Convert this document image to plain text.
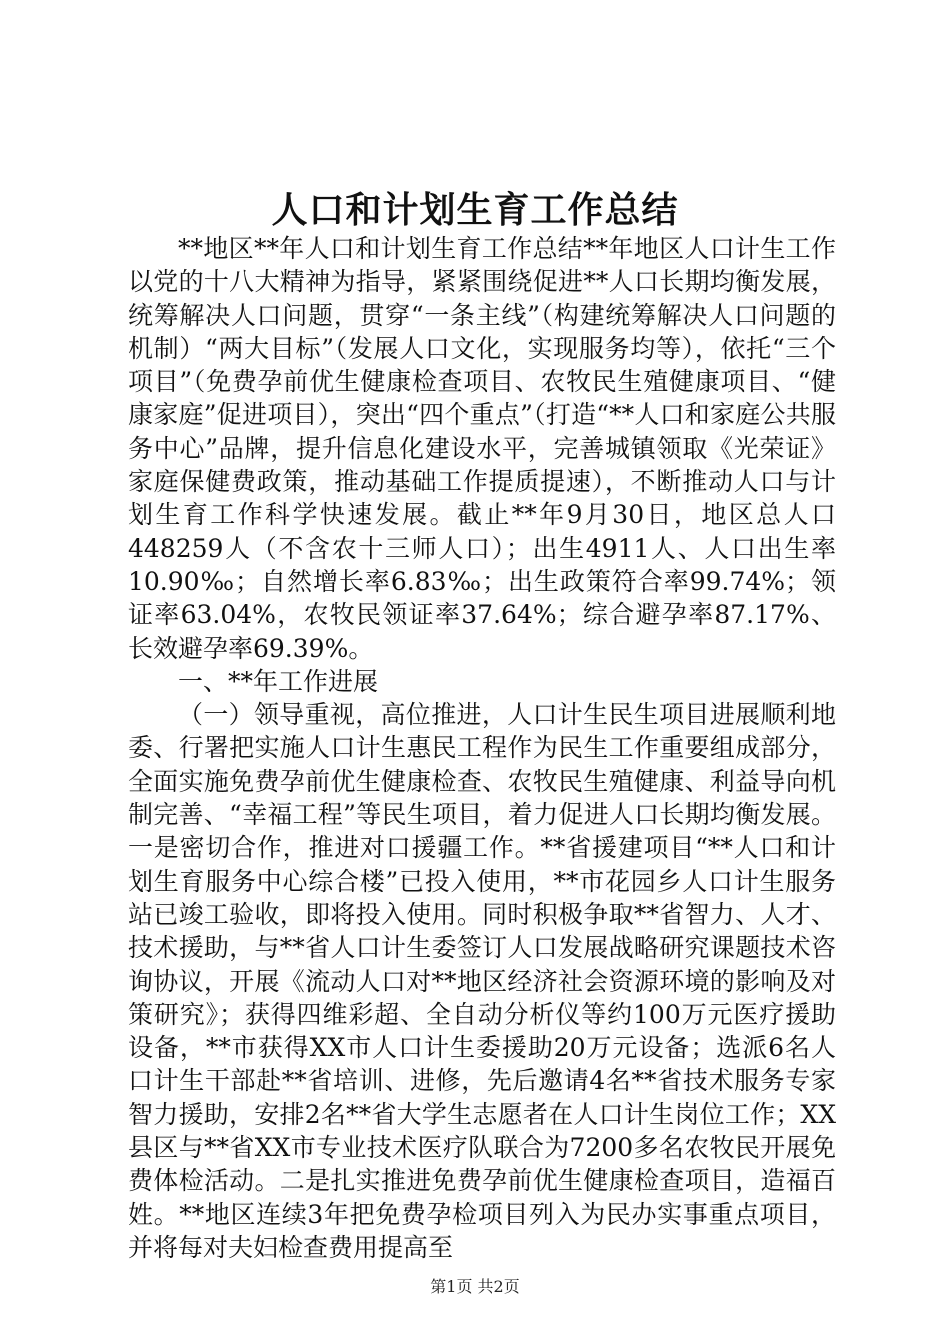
人口和计划生育工作总结

**地区**年人口和计划生育工作总结**年地区人口计生工作以党的十八大精神为指导，紧紧围绕促进**人口长期均衡发展，统筹解决人口问题，贯穿“一条主线”（构建统筹解决人口问题的机制）“两大目标”（发展人口文化，实现服务均等），依托“三个项目”（免费孕前优生健康检查项目、农牧民生殖健康项目、“健康家庭”促进项目），突出“四个重点”（打造“**人口和家庭公共服务中心”品牌，提升信息化建设水平，完善城镇领取《光荣证》家庭保健费政策，推动基础工作提质提速），不断推动人口与计划生育工作科学快速发展。截止**年9月30日，地区总人口448259人（不含农十三师人口）；出生4911人、人口出生率10.90‰；自然增长率6.83‰；出生政策符合率99.74%；领证率63.04%，农牧民领证率37.64%；综合避孕率87.17%、长效避孕率69.39%。

一、**年工作进展

（一）领导重视，高位推进，人口计生民生项目进展顺利地委、行署把实施人口计生惠民工程作为民生工作重要组成部分，全面实施免费孕前优生健康检查、农牧民生殖健康、利益导向机制完善、“幸福工程”等民生项目，着力促进人口长期均衡发展。一是密切合作，推进对口援疆工作。**省援建项目“**人口和计划生育服务中心综合楼”已投入使用，**市花园乡人口计生服务站已竣工验收，即将投入使用。同时积极争取**省智力、人才、技术援助，与**省人口计生委签订人口发展战略研究课题技术咨询协议，开展《流动人口对**地区经济社会资源环境的影响及对策研究》；获得四维彩超、全自动分析仪等约100万元医疗援助设备，**市获得XX市人口计生委援助20万元设备；选派6名人口计生干部赴**省培训、进修，先后邀请4名**省技术服务专家智力援助，安排2名**省大学生志愿者在人口计生岗位工作；XX县区与**省XX市专业技术医疗队联合为7200多名农牧民开展免费体检活动。二是扎实推进免费孕前优生健康检查项目，造福百姓。**地区连续3年把免费孕检项目列入为民办实事重点项目，并将每对夫妇检查费用提高至

第1页 共2页
